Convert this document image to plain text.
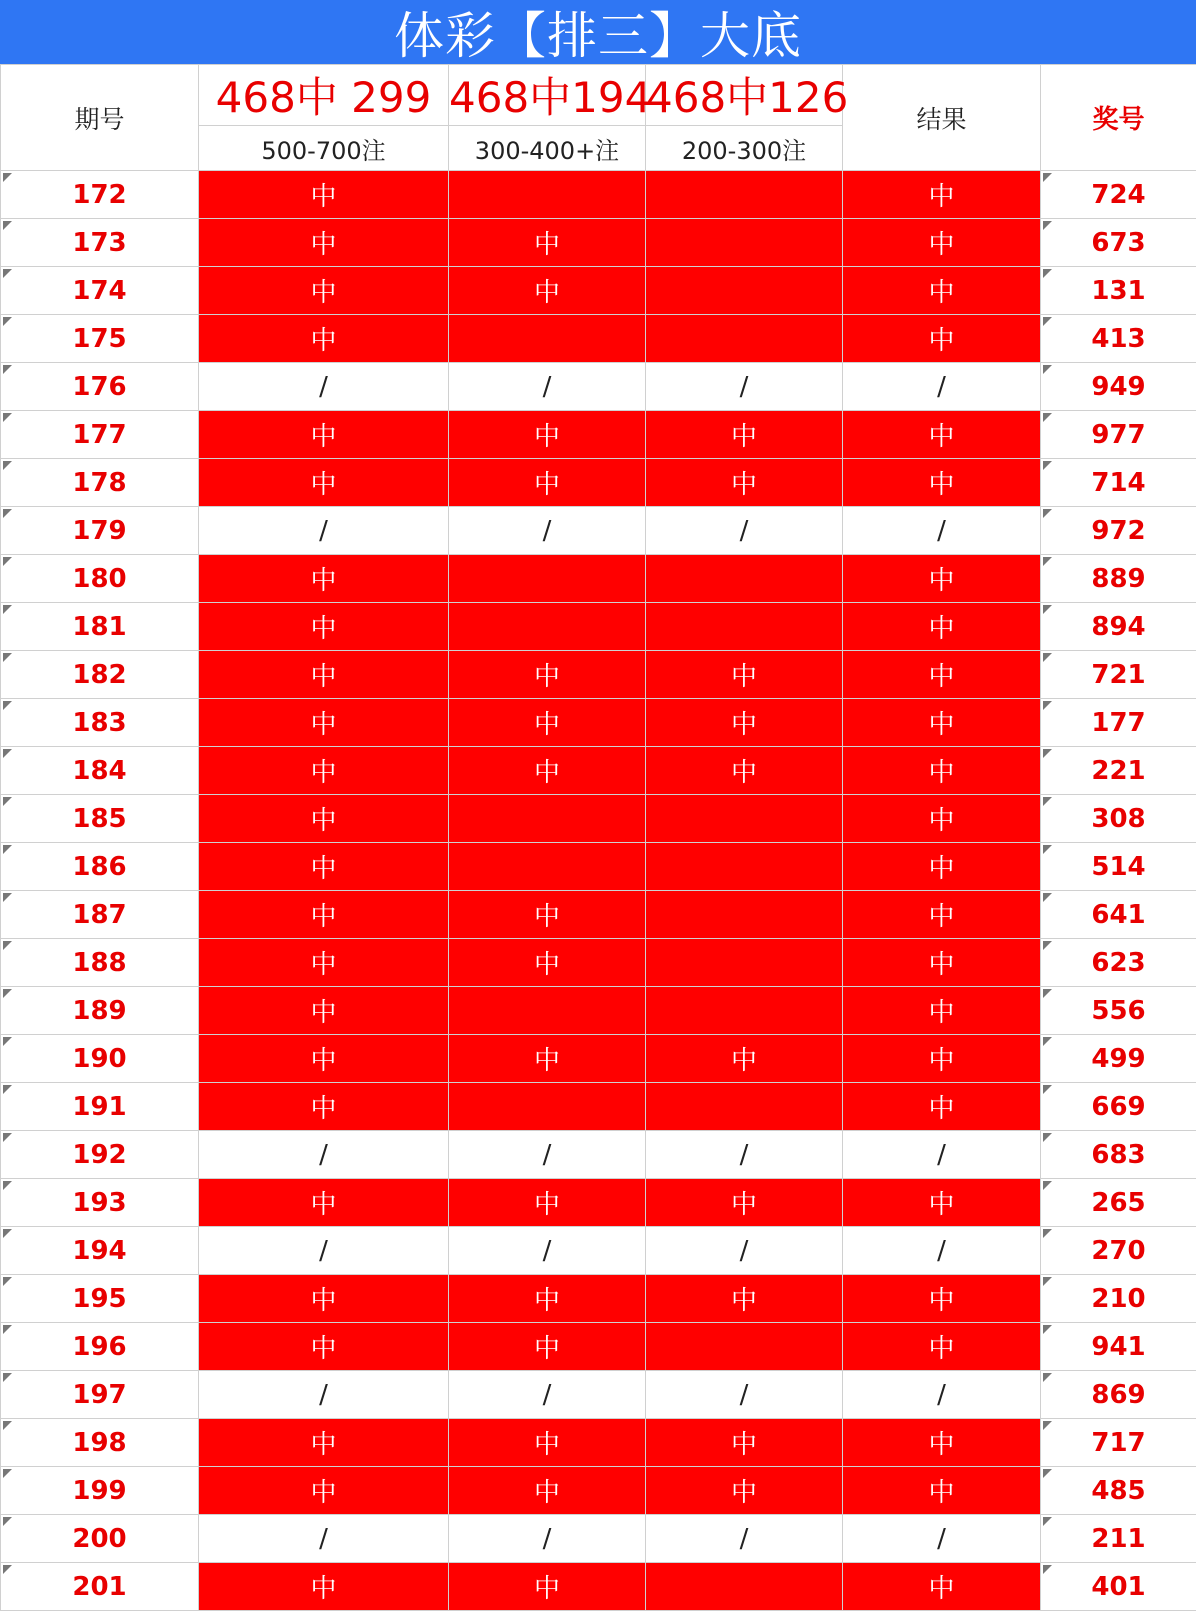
体彩【排三】大底
期号	468中 299	468中194	468中126	结果	奖号
	500-700注	300-400+注	200-300注		
172	中			中	724
173	中	中		中	673
174	中	中		中	131
175	中			中	413
176	/	/	/	/	949
177	中	中	中	中	977
178	中	中	中	中	714
179	/	/	/	/	972
180	中			中	889
181	中			中	894
182	中	中	中	中	721
183	中	中	中	中	177
184	中	中	中	中	221
185	中			中	308
186	中			中	514
187	中	中		中	641
188	中	中		中	623
189	中			中	556
190	中	中	中	中	499
191	中			中	669
192	/	/	/	/	683
193	中	中	中	中	265
194	/	/	/	/	270
195	中	中	中	中	210
196	中	中		中	941
197	/	/	/	/	869
198	中	中	中	中	717
199	中	中	中	中	485
200	/	/	/	/	211
201	中	中		中	401
